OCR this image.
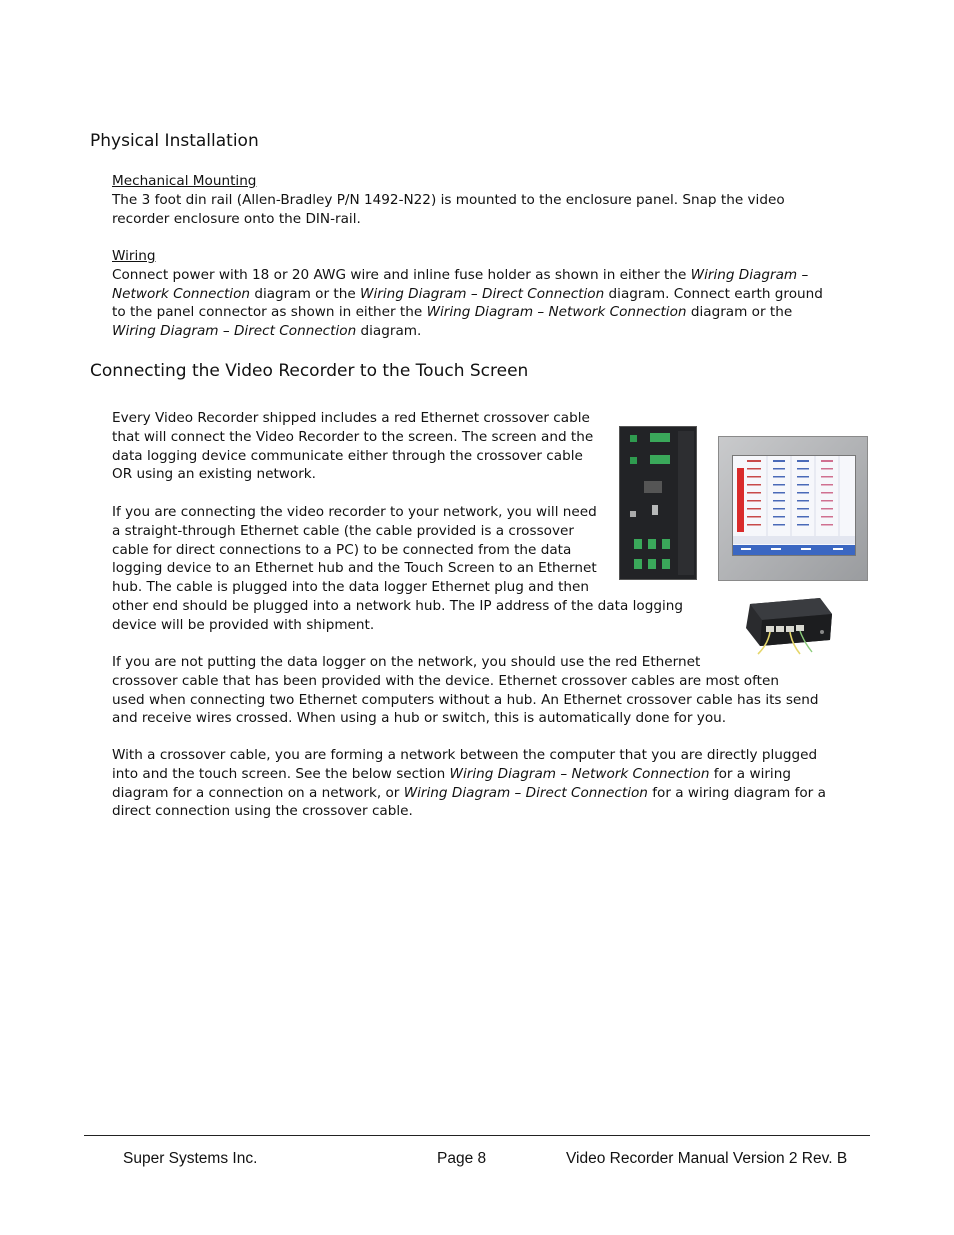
Physical Installation
Mechanical Mounting
The 3 foot din rail (Allen-Bradley P/N 1492-N22) is mounted to the enclosure panel. Snap the video
recorder enclosure onto the DIN-rail.
Wiring
Connect power with 18 or 20 AWG wire and inline fuse holder as shown in either the Wiring Diagram –
Network Connection diagram or the Wiring Diagram – Direct Connection diagram. Connect earth ground
to the panel connector as shown in either the Wiring Diagram – Network Connection diagram or the
Wiring Diagram – Direct Connection diagram.
Connecting the Video Recorder to the Touch Screen
Every Video Recorder shipped includes a red Ethernet crossover cable
that will connect the Video Recorder to the screen. The screen and the
data logging device communicate either through the crossover cable
OR using an existing network.
If you are connecting the video recorder to your network, you will need
a straight-through Ethernet cable (the cable provided is a crossover
cable for direct connections to a PC) to be connected from the data
logging device to an Ethernet hub and the Touch Screen to an Ethernet
hub. The cable is plugged into the data logger Ethernet plug and then
other end should be plugged into a network hub. The IP address of the data logging
device will be provided with shipment.
If you are not putting the data logger on the network, you should use the red Ethernet
crossover cable that has been provided with the device. Ethernet crossover cables are most often
used when connecting two Ethernet computers without a hub. An Ethernet crossover cable has its send
and receive wires crossed. When using a hub or switch, this is automatically done for you.
With a crossover cable, you are forming a network between the computer that you are directly plugged
into and the touch screen. See the below section Wiring Diagram – Network Connection for a wiring
diagram for a connection on a network, or Wiring Diagram – Direct Connection for a wiring diagram for a
direct connection using the crossover cable.
Super Systems Inc.	Page 8	Video Recorder Manual Version 2 Rev. B
